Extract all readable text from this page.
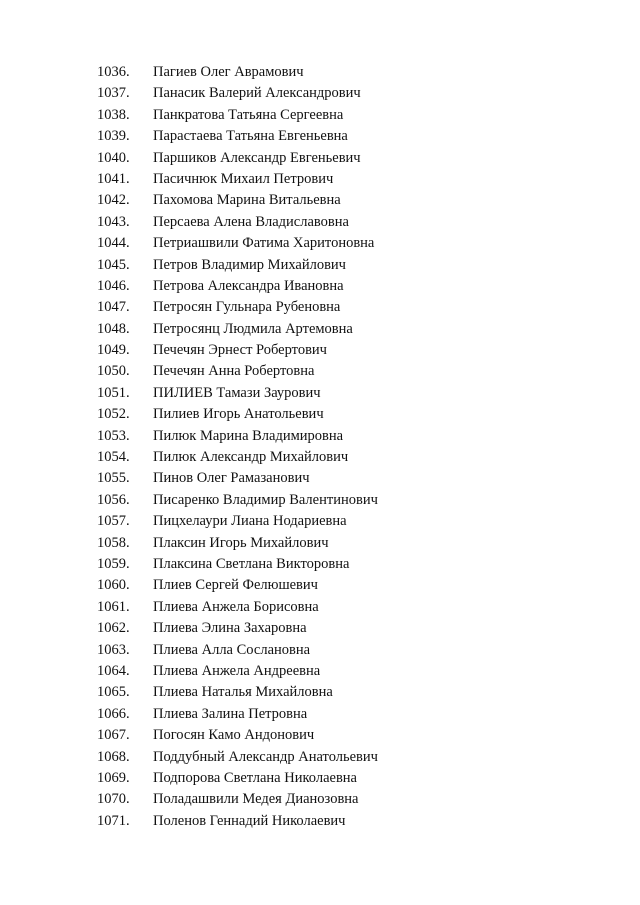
1036.	Пагиев Олег Аврамович
1037.	Панасик Валерий Александрович
1038.	Панкратова Татьяна Сергеевна
1039.	Парастаева Татьяна Евгеньевна
1040.	Паршиков Александр Евгеньевич
1041.	Пасичнюк Михаил Петрович
1042.	Пахомова Марина Витальевна
1043.	Персаева Алена Владиславовна
1044.	Петриашвили Фатима Харитоновна
1045.	Петров Владимир Михайлович
1046.	Петрова Александра Ивановна
1047.	Петросян Гульнара Рубеновна
1048.	Петросянц Людмила Артемовна
1049.	Печечян Эрнест Робертович
1050.	Печечян Анна Робертовна
1051.	ПИЛИЕВ Тамази Заурович
1052.	Пилиев Игорь Анатольевич
1053.	Пилюк Марина Владимировна
1054.	Пилюк Александр Михайлович
1055.	Пинов Олег Рамазанович
1056.	Писаренко Владимир Валентинович
1057.	Пицхелаури Лиана Нодариевна
1058.	Плаксин Игорь Михайлович
1059.	Плаксина Светлана Викторовна
1060.	Плиев Сергей Фелюшевич
1061.	Плиева Анжела Борисовна
1062.	Плиева Элина Захаровна
1063.	Плиева Алла Сослановна
1064.	Плиева Анжела Андреевна
1065.	Плиева Наталья Михайловна
1066.	Плиева Залина Петровна
1067.	Погосян Камо Андонович
1068.	Поддубный Александр Анатольевич
1069.	Подпорова Светлана Николаевна
1070.	Поладашвили Медея Дианозовна
1071.	Поленов Геннадий Николаевич
